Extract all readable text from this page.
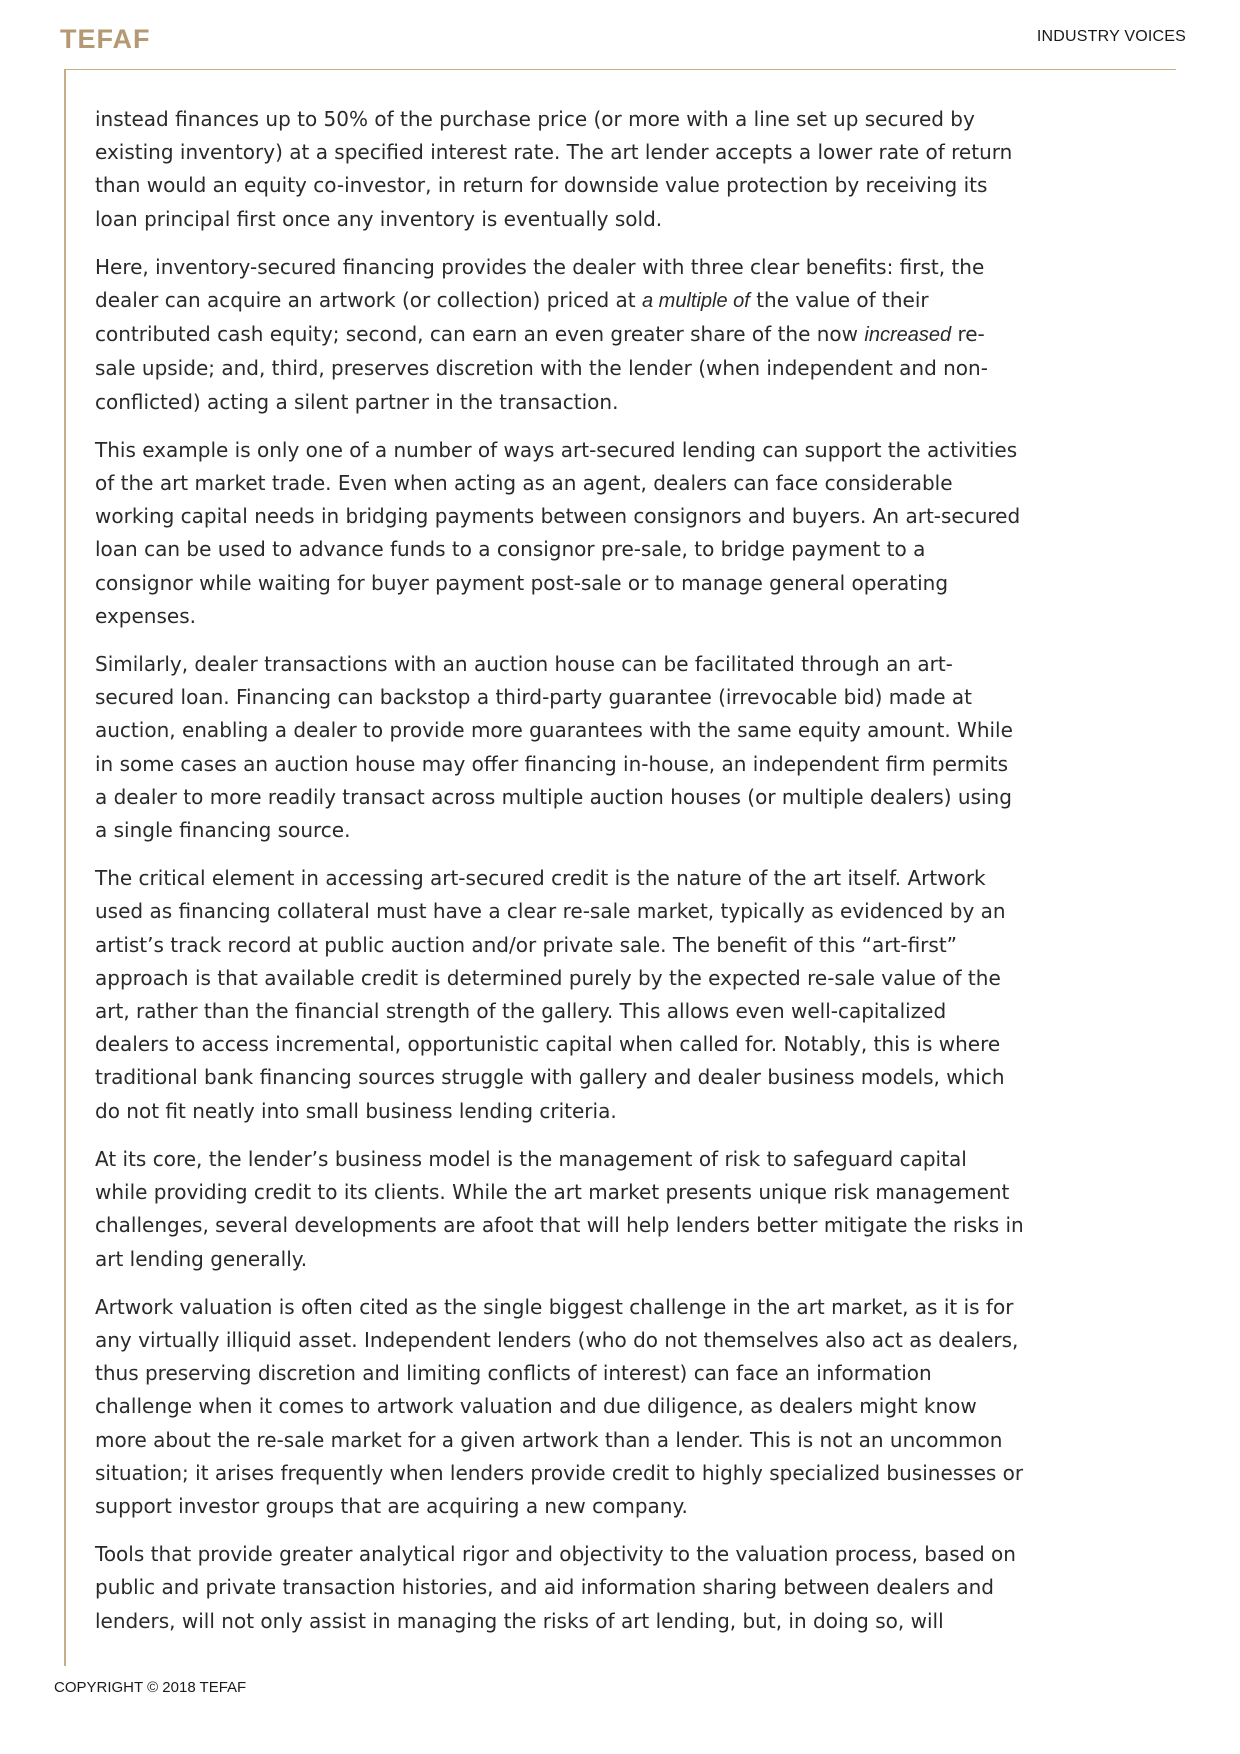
TEFAF	INDUSTRY VOICES

instead finances up to 50% of the purchase price (or more with a line set up secured by existing inventory) at a specified interest rate. The art lender accepts a lower rate of return than would an equity co-investor, in return for downside value protection by receiving its loan principal first once any inventory is eventually sold.

Here, inventory-secured financing provides the dealer with three clear benefits: first, the dealer can acquire an artwork (or collection) priced at a multiple of the value of their contributed cash equity; second, can earn an even greater share of the now increased re-sale upside; and, third, preserves discretion with the lender (when independent and non-conflicted) acting a silent partner in the transaction.

This example is only one of a number of ways art-secured lending can support the activities of the art market trade. Even when acting as an agent, dealers can face considerable working capital needs in bridging payments between consignors and buyers. An art-secured loan can be used to advance funds to a consignor pre-sale, to bridge payment to a consignor while waiting for buyer payment post-sale or to manage general operating expenses.

Similarly, dealer transactions with an auction house can be facilitated through an art-secured loan. Financing can backstop a third-party guarantee (irrevocable bid) made at auction, enabling a dealer to provide more guarantees with the same equity amount. While in some cases an auction house may offer financing in-house, an independent firm permits a dealer to more readily transact across multiple auction houses (or multiple dealers) using a single financing source.

The critical element in accessing art-secured credit is the nature of the art itself. Artwork used as financing collateral must have a clear re-sale market, typically as evidenced by an artist’s track record at public auction and/or private sale. The benefit of this “art-first” approach is that available credit is determined purely by the expected re-sale value of the art, rather than the financial strength of the gallery. This allows even well-capitalized dealers to access incremental, opportunistic capital when called for. Notably, this is where traditional bank financing sources struggle with gallery and dealer business models, which do not fit neatly into small business lending criteria.

At its core, the lender’s business model is the management of risk to safeguard capital while providing credit to its clients. While the art market presents unique risk management challenges, several developments are afoot that will help lenders better mitigate the risks in art lending generally.

Artwork valuation is often cited as the single biggest challenge in the art market, as it is for any virtually illiquid asset. Independent lenders (who do not themselves also act as dealers, thus preserving discretion and limiting conflicts of interest) can face an information challenge when it comes to artwork valuation and due diligence, as dealers might know more about the re-sale market for a given artwork than a lender. This is not an uncommon situation; it arises frequently when lenders provide credit to highly specialized businesses or support investor groups that are acquiring a new company.

Tools that provide greater analytical rigor and objectivity to the valuation process, based on public and private transaction histories, and aid information sharing between dealers and lenders, will not only assist in managing the risks of art lending, but, in doing so, will

COPYRIGHT © 2018 TEFAF
